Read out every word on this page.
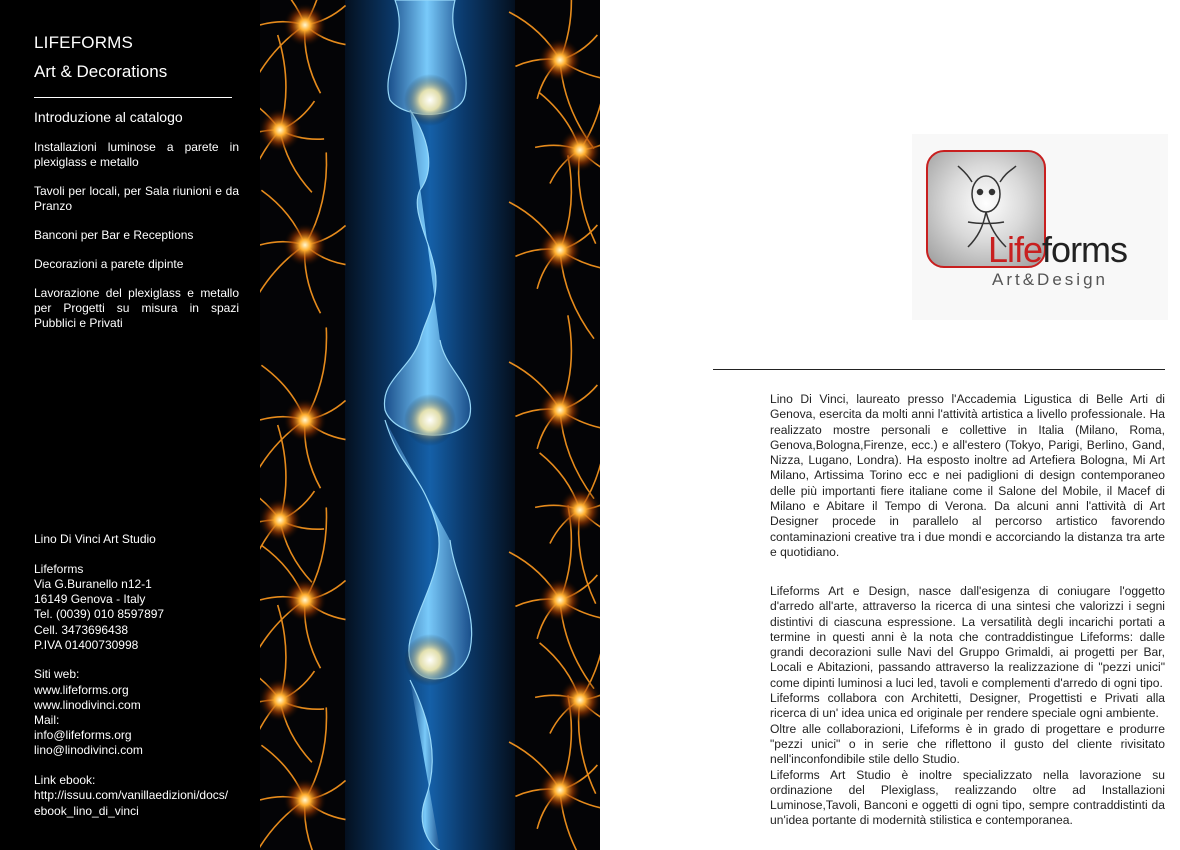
LIFEFORMS
Art & Decorations
Introduzione al catalogo
Installazioni luminose a parete in plexiglass e metallo
Tavoli per locali, per Sala riunioni e da Pranzo
Banconi per Bar e Receptions
Decorazioni a parete dipinte
Lavorazione del plexiglass e metallo per Progetti su misura in spazi Pubblici e Privati
Lino Di Vinci Art Studio
Lifeforms
Via G.Buranello n12-1
16149 Genova - Italy
Tel. (0039) 010 8597897
Cell. 3473696438
P.IVA 01400730998
Siti web:
www.lifeforms.org
www.linodivinci.com
Mail:
info@lifeforms.org
lino@linodivinci.com
Link ebook:
http://issuu.com/vanillaedizioni/docs/
ebook_lino_di_vinci
Lifeforms
Art&Design
Lino Di Vinci, laureato presso l'Accademia Ligustica di Belle Arti di Genova, esercita da molti anni l'attività artistica a livello professionale. Ha realizzato mostre personali e collettive in Italia (Milano, Roma, Genova,Bologna,Firenze, ecc.) e all'estero (Tokyo, Parigi, Berlino, Gand, Nizza, Lugano, Londra). Ha esposto inoltre ad Artefiera Bologna, Mi Art Milano, Artissima Torino ecc e nei padiglioni di design contemporaneo delle più importanti fiere italiane come il Salone del Mobile, il Macef di Milano e Abitare il Tempo di Verona. Da alcuni anni l'attività di Art Designer procede in parallelo al percorso artistico favorendo contaminazioni creative tra i due mondi e accorciando la distanza tra arte e quotidiano.

Lifeforms Art e Design, nasce dall'esigenza di coniugare l'oggetto d'arredo all'arte, attraverso la ricerca di una sintesi che valorizzi i segni distintivi di ciascuna espressione. La versatilità degli incarichi portati a termine in questi anni è la nota che contraddistingue Lifeforms: dalle grandi decorazioni sulle Navi del Gruppo Grimaldi, ai progetti per Bar, Locali e Abitazioni, passando attraverso la realizzazione di "pezzi unici" come dipinti luminosi a luci led, tavoli e complementi d'arredo di ogni tipo.

Lifeforms collabora con Architetti, Designer, Progettisti e Privati alla ricerca di un' idea unica ed originale per rendere speciale ogni ambiente.

Oltre alle collaborazioni, Lifeforms è in grado di progettare e produrre "pezzi unici" o in serie che riflettono il gusto del cliente rivisitato nell'inconfondibile stile dello Studio.

Lifeforms Art Studio è inoltre specializzato nella lavorazione su ordinazione del Plexiglass, realizzando oltre ad Installazioni Luminose,Tavoli, Banconi e oggetti di ogni tipo, sempre contraddistinti da un'idea portante di modernità stilistica e contemporanea.
